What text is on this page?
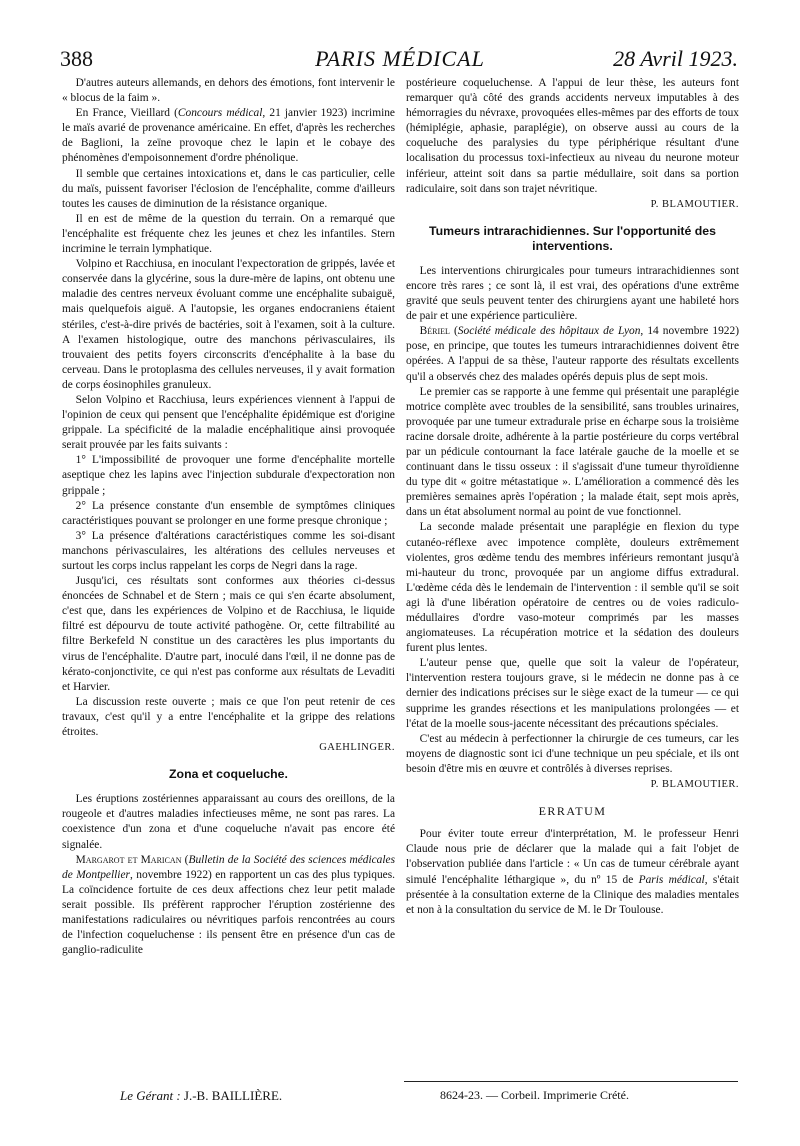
388	PARIS MÉDICAL	28 Avril 1923.

D'autres auteurs allemands, en dehors des émotions, font intervenir le « blocus de la faim ».

En France, Vieillard (Concours médical, 21 janvier 1923) incrimine le maïs avarié de provenance américaine. En effet, d'après les recherches de Baglioni, la zeïne provoque chez le lapin et le cobaye des phénomènes d'empoisonnement d'ordre phénolique.

Il semble que certaines intoxications et, dans le cas particulier, celle du maïs, puissent favoriser l'éclosion de l'encéphalite, comme d'ailleurs toutes les causes de diminution de la résistance organique.

Il en est de même de la question du terrain. On a remarqué que l'encéphalite est fréquente chez les jeunes et chez les infantiles. Stern incrimine le terrain lymphatique.

Volpino et Racchiusa, en inoculant l'expectoration de grippés, lavée et conservée dans la glycérine, sous la dure-mère de lapins, ont obtenu une maladie des centres nerveux évoluant comme une encéphalite subaiguë, mais quelquefois aiguë. A l'autopsie, les organes endocraniens étaient stériles, c'est-à-dire privés de bactéries, soit à l'examen, soit à la culture. A l'examen histologique, outre des manchons périvasculaires, ils trouvaient des petits foyers circonscrits d'encéphalite à la base du cerveau. Dans le protoplasma des cellules nerveuses, il y avait formation de corps éosinophiles granuleux.

Selon Volpino et Racchiusa, leurs expériences viennent à l'appui de l'opinion de ceux qui pensent que l'encéphalite épidémique est d'origine grippale. La spécificité de la maladie encéphalitique ainsi provoquée serait prouvée par les faits suivants :

1° L'impossibilité de provoquer une forme d'encéphalite mortelle aseptique chez les lapins avec l'injection subdurale d'expectoration non grippale ;

2° La présence constante d'un ensemble de symptômes cliniques caractéristiques pouvant se prolonger en une forme presque chronique ;

3° La présence d'altérations caractéristiques comme les soi-disant manchons périvasculaires, les altérations des cellules nerveuses et surtout les corps inclus rappelant les corps de Negri dans la rage.

Jusqu'ici, ces résultats sont conformes aux théories ci-dessus énoncées de Schnabel et de Stern ; mais ce qui s'en écarte absolument, c'est que, dans les expériences de Volpino et de Racchiusa, le liquide filtré est dépourvu de toute activité pathogène. Or, cette filtrabilité au filtre Berkefeld N constitue un des caractères les plus importants du virus de l'encéphalite. D'autre part, inoculé dans l'œil, il ne donne pas de kérato-conjonctivite, ce qui n'est pas conforme aux résultats de Levaditi et Harvier.

La discussion reste ouverte ; mais ce que l'on peut retenir de ces travaux, c'est qu'il y a entre l'encéphalite et la grippe des relations étroites.

GAEHLINGER.

Zona et coqueluche.

Les éruptions zostériennes apparaissant au cours des oreillons, de la rougeole et d'autres maladies infectieuses même, ne sont pas rares. La coexistence d'un zona et d'une coqueluche n'avait pas encore été signalée.

Margarot et Marican (Bulletin de la Société des sciences médicales de Montpellier, novembre 1922) en rapportent un cas des plus typiques. La coïncidence fortuite de ces deux affections chez leur petit malade serait possible. Ils préfèrent rapprocher l'éruption zostérienne des manifestations radiculaires ou névritiques parfois rencontrées au cours de l'infection coqueluchense : ils pensent être en présence d'un cas de ganglio-radiculite

postérieure coqueluchense. A l'appui de leur thèse, les auteurs font remarquer qu'à côté des grands accidents nerveux imputables à des hémorragies du névraxe, provoquées elles-mêmes par des efforts de toux (hémiplégie, aphasie, paraplégie), on observe aussi au cours de la coqueluche des paralysies du type périphérique résultant d'une localisation du processus toxi-infectieux au niveau du neurone moteur inférieur, atteint soit dans sa partie médullaire, soit dans sa portion radiculaire, soit dans son trajet névritique.

P. BLAMOUTIER.

Tumeurs intrarachidiennes. Sur l'opportunité des interventions.

Les interventions chirurgicales pour tumeurs intrarachidiennes sont encore très rares ; ce sont là, il est vrai, des opérations d'une extrême gravité que seuls peuvent tenter des chirurgiens ayant une habileté hors de pair et une expérience particulière.

Bériel (Société médicale des hôpitaux de Lyon, 14 novembre 1922) pose, en principe, que toutes les tumeurs intrarachidiennes doivent être opérées. A l'appui de sa thèse, l'auteur rapporte des résultats excellents qu'il a observés chez des malades opérés depuis plus de sept mois.

Le premier cas se rapporte à une femme qui présentait une paraplégie motrice complète avec troubles de la sensibilité, sans troubles urinaires, provoquée par une tumeur extradurale prise en écharpe sous la troisième racine dorsale droite, adhérente à la partie postérieure du corps vertébral par un pédicule contournant la face latérale gauche de la moelle et se continuant dans le tissu osseux : il s'agissait d'une tumeur thyroïdienne du type dit « goitre métastatique ». L'amélioration a commencé dès les premières semaines après l'opération ; la malade était, sept mois après, dans un état absolument normal au point de vue fonctionnel.

La seconde malade présentait une paraplégie en flexion du type cutanéo-réflexe avec impotence complète, douleurs extrêmement violentes, gros œdème tendu des membres inférieurs remontant jusqu'à mi-hauteur du tronc, provoquée par un angiome diffus extradural. L'œdème céda dès le lendemain de l'intervention : il semble qu'il se soit agi là d'une libération opératoire de centres ou de voies radiculo-médullaires d'ordre vaso-moteur comprimés par les masses angiomateuses. La récupération motrice et la sédation des douleurs furent plus lentes.

L'auteur pense que, quelle que soit la valeur de l'opérateur, l'intervention restera toujours grave, si le médecin ne donne pas à ce dernier des indications précises sur le siège exact de la tumeur — ce qui supprime les grandes résections et les manipulations prolongées — et l'état de la moelle sous-jacente nécessitant des précautions spéciales.

C'est au médecin à perfectionner la chirurgie de ces tumeurs, car les moyens de diagnostic sont ici d'une technique un peu spéciale, et ils ont besoin d'être mis en œuvre et contrôlés à diverses reprises.

P. BLAMOUTIER.

ERRATUM

Pour éviter toute erreur d'interprétation, M. le professeur Henri Claude nous prie de déclarer que la malade qui a fait l'objet de l'observation publiée dans l'article : « Un cas de tumeur cérébrale ayant simulé l'encéphalite léthargique », du nº 15 de Paris médical, s'était présentée à la consultation externe de la Clinique des maladies mentales et non à la consultation du service de M. le Dr Toulouse.

Le Gérant : J.-B. BAILLIÈRE.	8624-23. — Corbeil. Imprimerie Crété.
